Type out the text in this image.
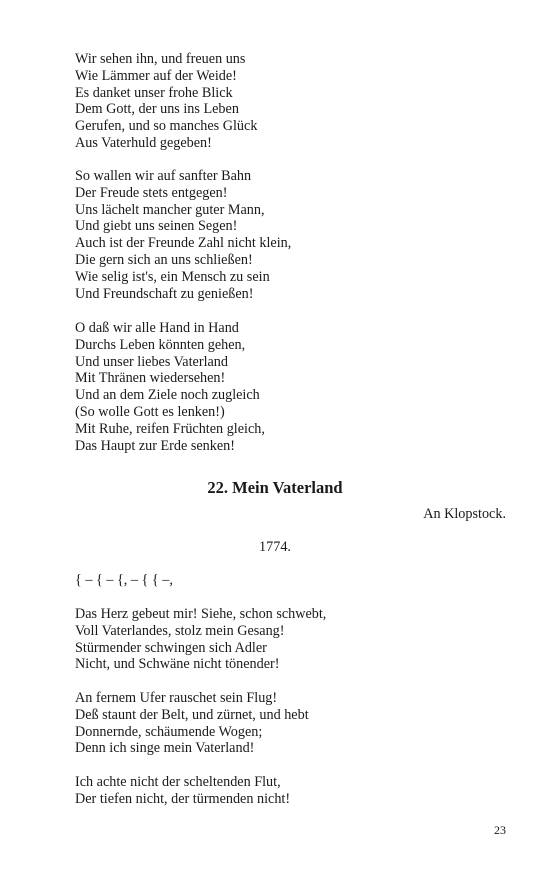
Wir sehen ihn, und freuen uns
Wie Lämmer auf der Weide!
Es danket unser frohe Blick
Dem Gott, der uns ins Leben
Gerufen, und so manches Glück
Aus Vaterhuld gegeben!
So wallen wir auf sanfter Bahn
Der Freude stets entgegen!
Uns lächelt mancher guter Mann,
Und giebt uns seinen Segen!
Auch ist der Freunde Zahl nicht klein,
Die gern sich an uns schließen!
Wie selig ist's, ein Mensch zu sein
Und Freundschaft zu genießen!
O daß wir alle Hand in Hand
Durchs Leben könnten gehen,
Und unser liebes Vaterland
Mit Thränen wiedersehen!
Und an dem Ziele noch zugleich
(So wolle Gott es lenken!)
Mit Ruhe, reifen Früchten gleich,
Das Haupt zur Erde senken!
22. Mein Vaterland

An Klopstock.

1774.

{ – { – {, – { { –,

Das Herz gebeut mir! Siehe, schon schwebt,
Voll Vaterlandes, stolz mein Gesang!
Stürmender schwingen sich Adler
Nicht, und Schwäne nicht tönender!
An fernem Ufer rauschet sein Flug!
Deß staunt der Belt, und zürnet, und hebt
Donnernde, schäumende Wogen;
Denn ich singe mein Vaterland!
Ich achte nicht der scheltenden Flut,
Der tiefen nicht, der türmenden nicht!

23
